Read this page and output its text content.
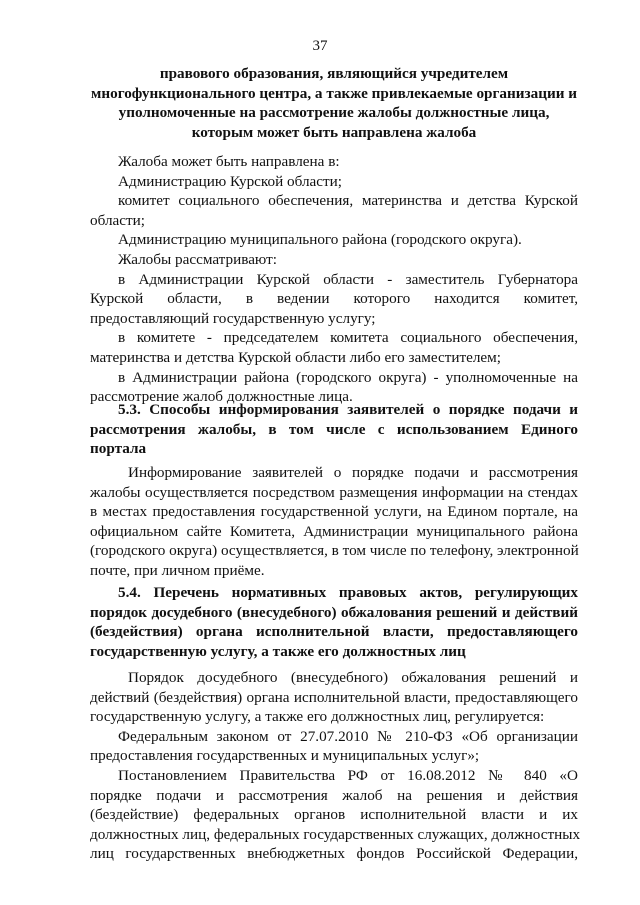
37
правового образования, являющийся учредителем
многофункционального центра, а также привлекаемые организации и
уполномоченные на рассмотрение жалобы должностные лица,
которым может быть направлена жалоба
Жалоба может быть направлена в:
Администрацию Курской области;
комитет социального обеспечения, материнства и детства Курской
области;
Администрацию муниципального района (городского округа).
Жалобы рассматривают:
в Администрации Курской области - заместитель Губернатора
Курской области, в ведении которого находится комитет,
предоставляющий государственную услугу;
в комитете - председателем комитета социального обеспечения,
материнства и детства Курской области либо его заместителем;
в Администрации района (городского округа) - уполномоченные на
рассмотрение жалоб должностные лица.
5.3. Способы информирования заявителей о порядке подачи и
рассмотрения жалобы, в том числе с использованием Единого
портала
Информирование заявителей о порядке подачи и рассмотрения
жалобы осуществляется посредством размещения информации на стендах
в местах предоставления государственной услуги, на Едином портале, на
официальном сайте Комитета, Администрации муниципального района
(городского округа) осуществляется, в том числе по телефону, электронной
почте, при личном приёме.
5.4. Перечень нормативных правовых актов, регулирующих
порядок досудебного (внесудебного) обжалования решений и действий
(бездействия) органа исполнительной власти, предоставляющего
государственную услугу, а также его должностных лиц
Порядок досудебного (внесудебного) обжалования решений и
действий (бездействия) органа исполнительной власти, предоставляющего
государственную услугу, а также его должностных лиц, регулируется:
Федеральным законом от 27.07.2010 № 210-ФЗ «Об организации
предоставления государственных и муниципальных услуг»;
Постановлением Правительства РФ от 16.08.2012 № 840 «О
порядке подачи и рассмотрения жалоб на решения и действия
(бездействие) федеральных органов исполнительной власти и их
должностных лиц, федеральных государственных служащих, должностных
лиц государственных внебюджетных фондов Российской Федерации,
